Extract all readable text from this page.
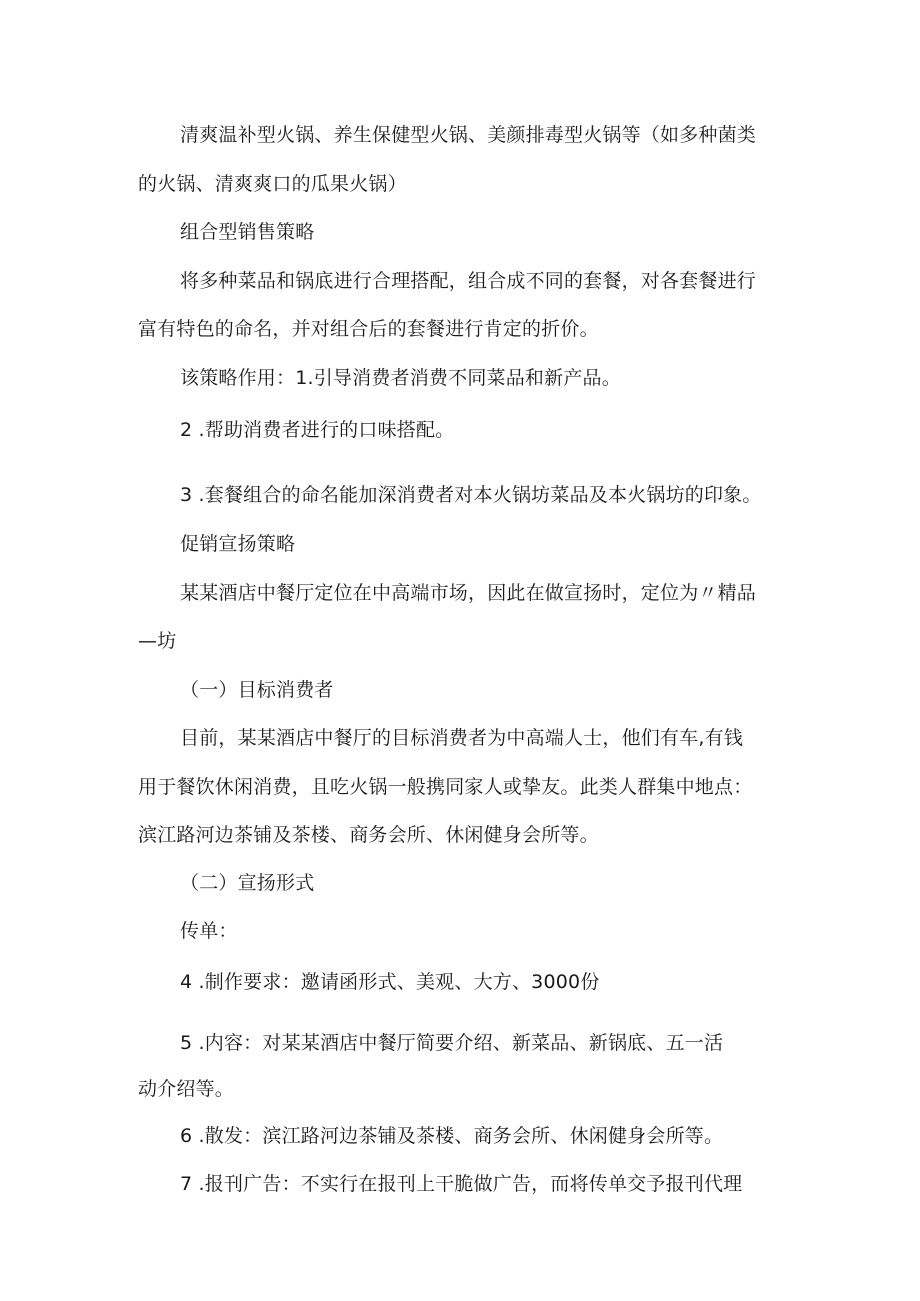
清爽温补型火锅、养生保健型火锅、美颜排毒型火锅等（如多种菌类
的火锅、清爽爽口的瓜果火锅）
组合型销售策略
将多种菜品和锅底进行合理搭配，组合成不同的套餐，对各套餐进行
富有特色的命名，并对组合后的套餐进行肯定的折价。
该策略作用：1.引导消费者消费不同菜品和新产品。
2 .帮助消费者进行的口味搭配。
3 .套餐组合的命名能加深消费者对本火锅坊菜品及本火锅坊的印象。
促销宣扬策略
某某酒店中餐厅定位在中高端市场，因此在做宣扬时，定位为〃精品
—坊
（一）目标消费者
目前，某某酒店中餐厅的目标消费者为中高端人士，他们有车,有钱
用于餐饮休闲消费，且吃火锅一般携同家人或挚友。此类人群集中地点：
滨江路河边茶铺及茶楼、商务会所、休闲健身会所等。
（二）宣扬形式
传单：
4 .制作要求：邀请函形式、美观、大方、3000份
5 .内容：对某某酒店中餐厅简要介绍、新菜品、新锅底、五一活
动介绍等。
6 .散发：滨江路河边茶铺及茶楼、商务会所、休闲健身会所等。
7 .报刊广告：不实行在报刊上干脆做广告，而将传单交予报刊代理
